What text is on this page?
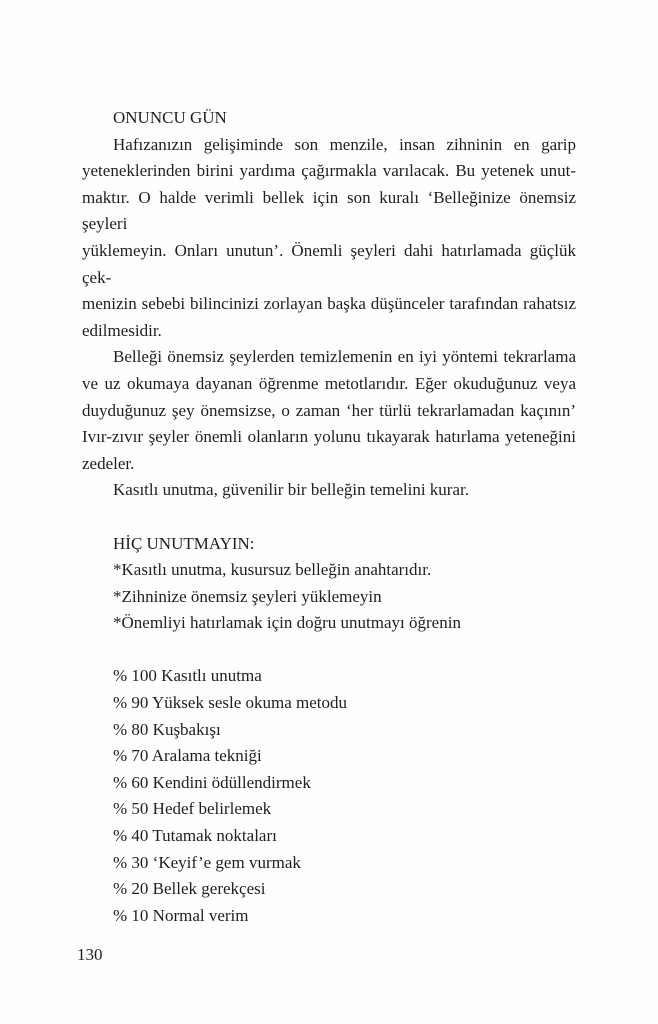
ONUNCU GÜN
Hafızanızın gelişiminde son menzile, insan zihninin en garip
yeteneklerinden birini yardıma çağırmakla varılacak. Bu yetenek unut-
maktır. O halde verimli bellek için son kuralı ‘Belleğinize önemsiz şeyleri
yüklemeyin. Onları unutun’. Önemli şeyleri dahi hatırlamada güçlük çek-
menizin sebebi bilincinizi zorlayan başka düşünceler tarafından rahatsız
edilmesidir.
Belleği önemsiz şeylerden temizlemenin en iyi yöntemi tekrarlama
ve uz okumaya dayanan öğrenme metotlarıdır. Eğer okuduğunuz veya
duyduğunuz şey önemsizse, o zaman ‘her türlü tekrarlamadan kaçının’
Ivır-zıvır şeyler önemli olanların yolunu tıkayarak hatırlama yeteneğini
zedeler.
Kasıtlı unutma, güvenilir bir belleğin temelini kurar.
HİÇ UNUTMAYIN:
*Kasıtlı unutma, kusursuz belleğin anahtarıdır.
*Zihninize önemsiz şeyleri yüklemeyin
*Önemliyi hatırlamak için doğru unutmayı öğrenin
% 100 Kasıtlı unutma
% 90 Yüksek sesle okuma metodu
% 80 Kuşbakışı
% 70 Aralama tekniği
% 60 Kendini ödüllendirmek
% 50 Hedef belirlemek
% 40 Tutamak noktaları
% 30 ‘Keyif’e gem vurmak
% 20 Bellek gerekçesi
% 10 Normal verim
130
